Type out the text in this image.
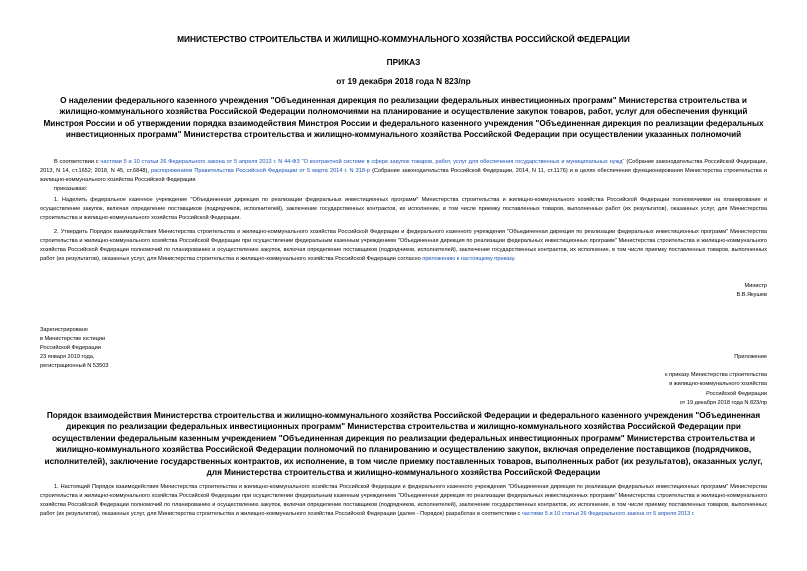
МИНИСТЕРСТВО СТРОИТЕЛЬСТВА И ЖИЛИЩНО-КОММУНАЛЬНОГО ХОЗЯЙСТВА РОССИЙСКОЙ ФЕДЕРАЦИИ
ПРИКАЗ
от 19 декабря 2018 года N 823/пр
О наделении федерального казенного учреждения "Объединенная дирекция по реализации федеральных инвестиционных программ" Министерства строительства и жилищно-коммунального хозяйства Российской Федерации полномочиями на планирование и осуществление закупок товаров, работ, услуг для обеспечения функций Минстроя России и об утверждении порядка взаимодействия Минстроя России и федерального казенного учреждения "Объединенная дирекция по реализации федеральных инвестиционных программ" Министерства строительства и жилищно-коммунального хозяйства Российской Федерации при осуществлении указанных полномочий
В соответствии с частями 5 и 10 статьи 26 Федерального закона от 5 апреля 2013 г. N 44-ФЗ "О контрактной системе в сфере закупок товаров, работ, услуг для обеспечения государственных и муниципальных нужд" (Собрание законодательства Российской Федерации, 2013, N 14, ст.1652; 2018, N 45, ст.6848), распоряжением Правительства Российской Федерации от 5 марта 2014 г. N 318-р (Собрание законодательства Российской Федерации, 2014, N 11, ст.1176) и в целях обеспечения функционирования Министерства строительства и жилищно-коммунального хозяйства Российской Федерации
приказываю:
1. Наделить федеральное казенное учреждение "Объединенная дирекция по реализации федеральных инвестиционных программ" Министерства строительства и жилищно-коммунального хозяйства Российской Федерации полномочиями на планирование и осуществление закупок, включая определение поставщиков (подрядчиков, исполнителей), заключение государственных контрактов, их исполнение, в том числе приемку поставленных товаров, выполненных работ (их результатов), оказанных услуг, для Министерства строительства и жилищно-коммунального хозяйства Российской Федерации.
2. Утвердить Порядок взаимодействия Министерства строительства и жилищно-коммунального хозяйства Российской Федерации и федерального казенного учреждения "Объединенная дирекция по реализации федеральных инвестиционных программ" Министерства строительства и жилищно-коммунального хозяйства Российской Федерации при осуществлении федеральным казенным учреждением "Объединенная дирекция по реализации федеральных инвестиционных программ" Министерства строительства и жилищно-коммунального хозяйства Российской Федерации полномочий по планированию и осуществлению закупок, включая определение поставщиков (подрядчиков, исполнителей), заключение государственных контрактов, их исполнение, в том числе приемку поставленных товаров, выполненных работ (их результатов), оказанных услуг, для Министерства строительства и жилищно-коммунального хозяйства Российской Федерации согласно приложению к настоящему приказу.
Министр
В.В.Якушев
Зарегистрировано
в Министерстве юстиции
Российской Федерации
23 января 2019 года,
регистрационный N 53503
Приложение
к приказу Министерства строительства
и жилищно-коммунального хозяйства
Российской Федерации
от 19 декабря 2018 года N 823/пр
Порядок взаимодействия Министерства строительства и жилищно-коммунального хозяйства Российской Федерации и федерального казенного учреждения "Объединенная дирекция по реализации федеральных инвестиционных программ" Министерства строительства и жилищно-коммунального хозяйства Российской Федерации при осуществлении федеральным казенным учреждением "Объединенная дирекция по реализации федеральных инвестиционных программ" Министерства строительства и жилищно-коммунального хозяйства Российской Федерации полномочий по планированию и осуществлению закупок, включая определение поставщиков (подрядчиков, исполнителей), заключение государственных контрактов, их исполнение, в том числе приемку поставленных товаров, выполненных работ (их результатов), оказанных услуг, для Министерства строительства и жилищно-коммунального хозяйства Российской Федерации
1. Настоящий Порядок взаимодействия Министерства строительства и жилищно-коммунального хозяйства Российской Федерации и федерального казенного учреждения "Объединенная дирекция по реализации федеральных инвестиционных программ" Министерства строительства и жилищно-коммунального хозяйства Российской Федерации при осуществлении федеральным казенным учреждением "Объединенная дирекция по реализации федеральных инвестиционных программ" Министерства строительства и жилищно-коммунального хозяйства Российской Федерации полномочий по планированию и осуществлению закупок, включая определение поставщиков (подрядчиков, исполнителей), заключение государственных контрактов, их исполнение, в том числе приемку поставленных товаров, выполненных работ (их результатов), оказанных услуг, для Министерства строительства и жилищно-коммунального хозяйства Российской Федерации (далее - Порядок) разработан в соответствии с частями 5 и 10 статьи 26 Федерального закона от 5 апреля 2013 г.
